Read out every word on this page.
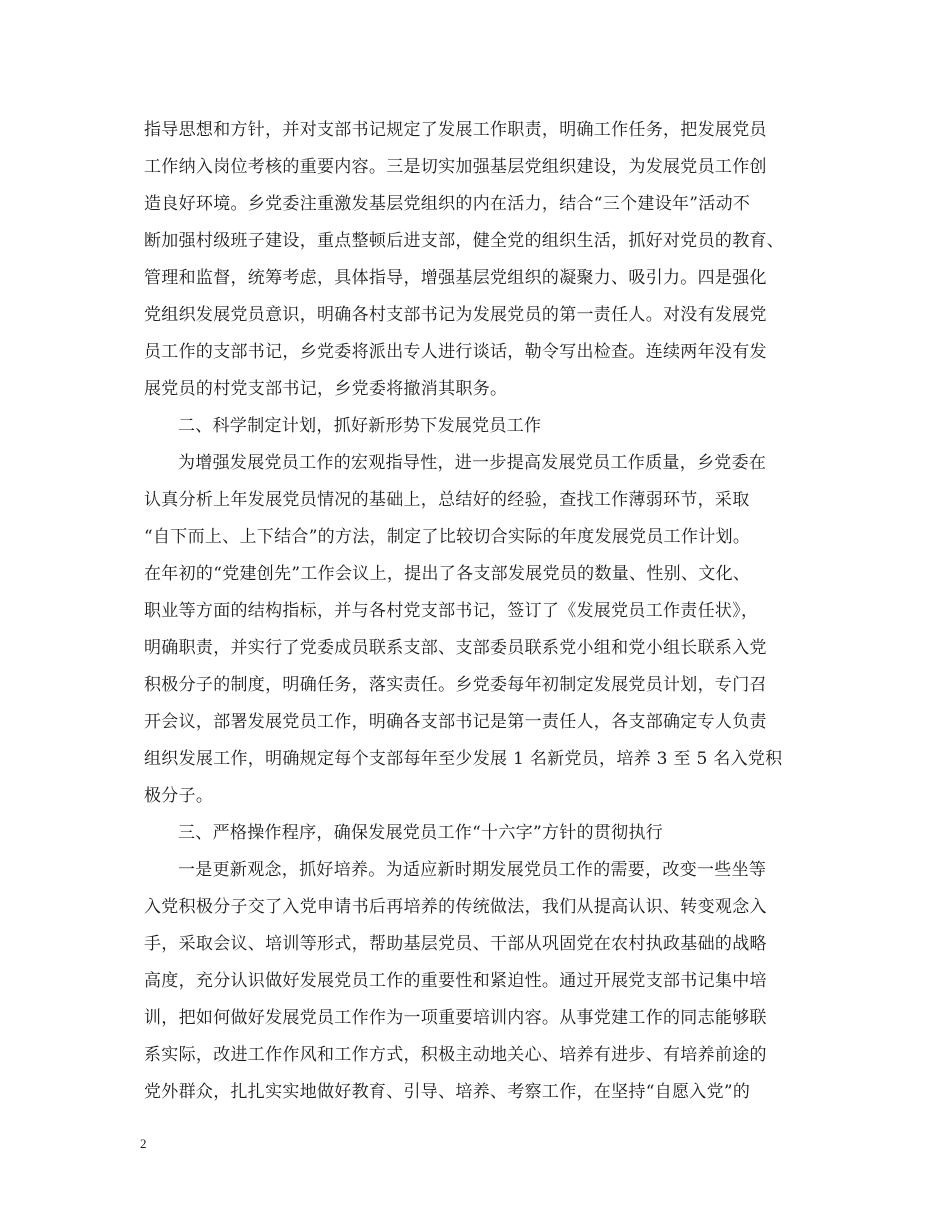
指导思想和方针，并对支部书记规定了发展工作职责，明确工作任务，把发展党员
工作纳入岗位考核的重要内容。三是切实加强基层党组织建设，为发展党员工作创
造良好环境。乡党委注重激发基层党组织的内在活力，结合“三个建设年”活动不
断加强村级班子建设，重点整顿后进支部，健全党的组织生活，抓好对党员的教育、
管理和监督，统筹考虑，具体指导，增强基层党组织的凝聚力、吸引力。四是强化
党组织发展党员意识，明确各村支部书记为发展党员的第一责任人。对没有发展党
员工作的支部书记，乡党委将派出专人进行谈话，勒令写出检查。连续两年没有发
展党员的村党支部书记，乡党委将撤消其职务。
二、科学制定计划，抓好新形势下发展党员工作
为增强发展党员工作的宏观指导性，进一步提高发展党员工作质量，乡党委在
认真分析上年发展党员情况的基础上，总结好的经验，查找工作薄弱环节，采取
“自下而上、上下结合”的方法，制定了比较切合实际的年度发展党员工作计划。
在年初的“党建创先”工作会议上，提出了各支部发展党员的数量、性别、文化、
职业等方面的结构指标，并与各村党支部书记，签订了《发展党员工作责任状》，
明确职责，并实行了党委成员联系支部、支部委员联系党小组和党小组长联系入党
积极分子的制度，明确任务，落实责任。乡党委每年初制定发展党员计划，专门召
开会议，部署发展党员工作，明确各支部书记是第一责任人，各支部确定专人负责
组织发展工作，明确规定每个支部每年至少发展 1 名新党员，培养 3 至 5 名入党积
极分子。
三、严格操作程序，确保发展党员工作“十六字”方针的贯彻执行
一是更新观念，抓好培养。为适应新时期发展党员工作的需要，改变一些坐等
入党积极分子交了入党申请书后再培养的传统做法，我们从提高认识、转变观念入
手，采取会议、培训等形式，帮助基层党员、干部从巩固党在农村执政基础的战略
高度，充分认识做好发展党员工作的重要性和紧迫性。通过开展党支部书记集中培
训，把如何做好发展党员工作作为一项重要培训内容。从事党建工作的同志能够联
系实际，改进工作作风和工作方式，积极主动地关心、培养有进步、有培养前途的
党外群众，扎扎实实地做好教育、引导、培养、考察工作，在坚持“自愿入党”的
2
